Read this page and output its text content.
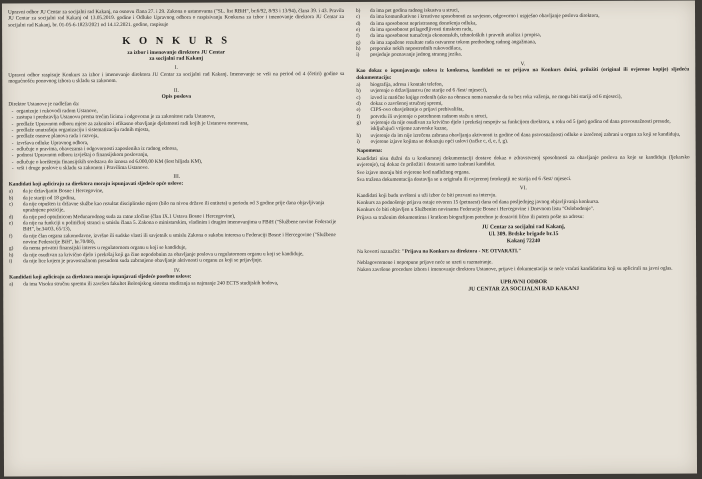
Upravni odbor JU Centar za socijalni rad Kakanj, na osnovu člana 27. i 29. Zakona o ustanovama ("SL. list RBiH", br.6/92, 8/93 i 13/94), člana 39. i 43. Pravila JU Centar za socijalni rad Kakanj od 13.05.2019. godine i Odluke Upravnog odbora o raspisivanju Konkursa za izbor i imenovanje direktora JU Centar za socijalni rad Kakanj, br. 01-05-6-1823/2021 od 14.12.2021. godine, raspisuje
K O N K U R S
za izbor i imenovanje direktora JU Centar
za socijalni rad Kakanj
I.
Upravni odbor raspisuje Konkurs za izbor i imenovanje direktora JU Centar za socijalni rad Kakanj. Imenovanje se vrši na period od 4 (četiri) godine sa mogućnošću ponovnog izbora u skladu sa zakonom.
II.
Opis poslova
Direktor Ustanove je nadležan da:
- organizuje i rukovodi radom Ustanove,
- zastupa i predstavlja Ustanovu prema trećim licima i odgovoran je za zakonitost rada Ustanove,
- predlaže Upravnom odboru mjere za zakonito i efikasno obavljanje djelatnosti radi kojih je Ustanova osnovana,
- predlaže unutrašnju organizaciju i sistematizaciju radnih mjesta,
- predlaže osnove planova rada i razvoja,
- izvršava odluke Upravnog odbora,
- odlučuje o pravima, obavezama i odgovornosti zaposlenika iz radnog odnosa,
- podnosi Upravnom odboru izvještaj o finansijskom poslovanju,
- odlučuje o korištenju finansijskih sredstava do iznosa od 6.000,00 KM (šest hiljada KM),
- vrši i druge poslove u skladu sa zakonom i Pravilima Ustanove.
III.
Kandidati koji apliciraju za direktora moraju ispunjavati sljedeće opće uslove:
a)	da je državljanin Bosne i Hercegovine,
b)	da je stariji od 18 godina,
c)	da nije otpušten iz državne službe kao rezultat disciplinske mjere (bilo na nivou države ili entiteta) u periodu od 3 godine prije dana objavljivanja upražnjene pozicije,
d)	da nije pod optužnicom Međunarodnog suda za ratne zločine (član IX.1 Ustava Bosne i Hercegovine),
e)	da nije na funkciji u političkoj stranci u smislu člana 5. Zakona o ministarskim, vladinim i drugim imenovanjima u FBiH ("Službene novine Federacije BiH", br.34/03, 65/13),
f)	da nije član organa zakonodavne, izvršne ili sudske vlasti ili savjetnik u smislu Zakona o sukobu interesa u Federaciji Bosne i Hercegovine ("Službene novine Federacije BiH", br.70/08),
g)	da nema privatni finansijski interes u regulatornom organu u koji se kandiduje,
h)	da nije osuđivan za krivično djelo i prekršaj koji ga čine nepodobnim za obavljanje poslova u regulatornom organu u koji se kandiduje,
i)	da nije lice kojem je pravosnažnom presudom suda zabranjeno obavljanje aktivnosti u organu za koji se prijavljuje.
IV.
Kandidati koji apliciraju za direktora moraju ispunjavati sljedeće posebne uslove:
a)	da ima Visoku stručnu spremu ili završen fakultet Bolonjskog sistema studiranja sa najmanje 240 ECTS studijskih bodova,
b)	da ima pet godina radnog iskustva u struci,
c)	da ima komunikativne i kreativne sposobnosti za savjesno, odgovorno i uspješno obavljanje poslova direktora,
d)	da ima sposobnost nepristrasnog donošenja odluka,
e)	da ima sposobnost prilagodljivosti timskom radu,
f)	da ima sposobnost tumačenja ekonomskih, tehnoloških i pravnih analiza i propisa,
g)	da ima zapažene rezultate rada ostvarene tokom prethodnog radnog angažmana,
h)	preporuke nekih nepostrednih rukovodilaca,
i)	posjeduje poznavanje jednog stranog jezika.
V.
Kao dokaz o ispunjavanju uslova iz konkursa, kandidati su uz prijavu na Konkurs dužni, priložiti (original ili ovjerene kopije) sljedeću dokumentaciju:
a)	biografija, adresa i kontakt telefon,
b)	uvjerenje o državljanstvu (ne starije od 6 /šest/ mjeseci),
c)	izvod iz matične knjige rođenih (ako na obrascu nema naznake da su bez roka važenja, ne mogu biti stariji od 6 mjeseci),
d)	dokaz o završenoj stručnoj spremi,
e)	CIPS-ovo obavještenje o prijavi prebivališta,
f)	potvrdu ili uvjerenje o potrebnom radnom stažu u struci,
g)	uvjerenje da nije osuđivan za krivično djelo i prekršaj nespojiv sa funkcijom direktora, u roku od 5 (pet) godina od dana pravosnažnosti presude, isključujući vrijeme zatvorske kazne,
h)	uvjerenje da im nije izrečena zabrana obavljanja aktivnosti iz godine od dana pravosnažnosti odluke o izrečenoj zabrani u organ za koji se kandiduju,
i)	ovjerene izjave kojima se dokazuju opći uslovi (tačke c, d, e, f, g).
Napomena:
Kandidati nisu dužni da u konkursnoj dokumentaciji dostave dokaz o zdravstvenoj sposobnosti za obavljanje poslova na koje se kandiduju (ljekarsko uvjerenje), taj dokaz će priložiti i dostaviti samo izabrani kandidat.
Sve izjave moraju biti ovjerene kod nadležnog organa.
Sva tražena dokumentacija dostavlja se u originalu ili ovjerenoj fotokopiji ne starija od 6 /šest/ mjeseci.
VI.
Kandidati koji budu uvršteni u uži izbor će biti pozvani na intervju.
Konkurs za podnošenje prijava ostaje otvoren 15 (petnaest) dana od dana posljednjeg javnog objavljivanja konkursa.
Konkurs će biti objavljen u Službenim novinama Federacije Bosne i Hercegovine i Dnevnom listu "Oslobođenje".
Prijava sa traženim dokumentima i kratkom biografijom potrebno je dostaviti lično ili putem pošte na adresu:
JU Centar za socijalni rad Kakanj,
Ul. 309. Brdske brigade br.15
Kakanj 72240
Na koverti naznačiti: "Prijava na Konkurs za direktora - NE OTVARATI."
Neblagovremene i nepotpune prijave neće se uzeti u razmatranje.
Nakon završene procedure izbora i imenovanje direktora Ustanove, prijave i dokumentacija se neće vraćati kandidatima koji su aplicirali na javni oglas.
UPRAVNI ODBOR
JU CENTAR ZA SOCIJALNI RAD KAKANJ
